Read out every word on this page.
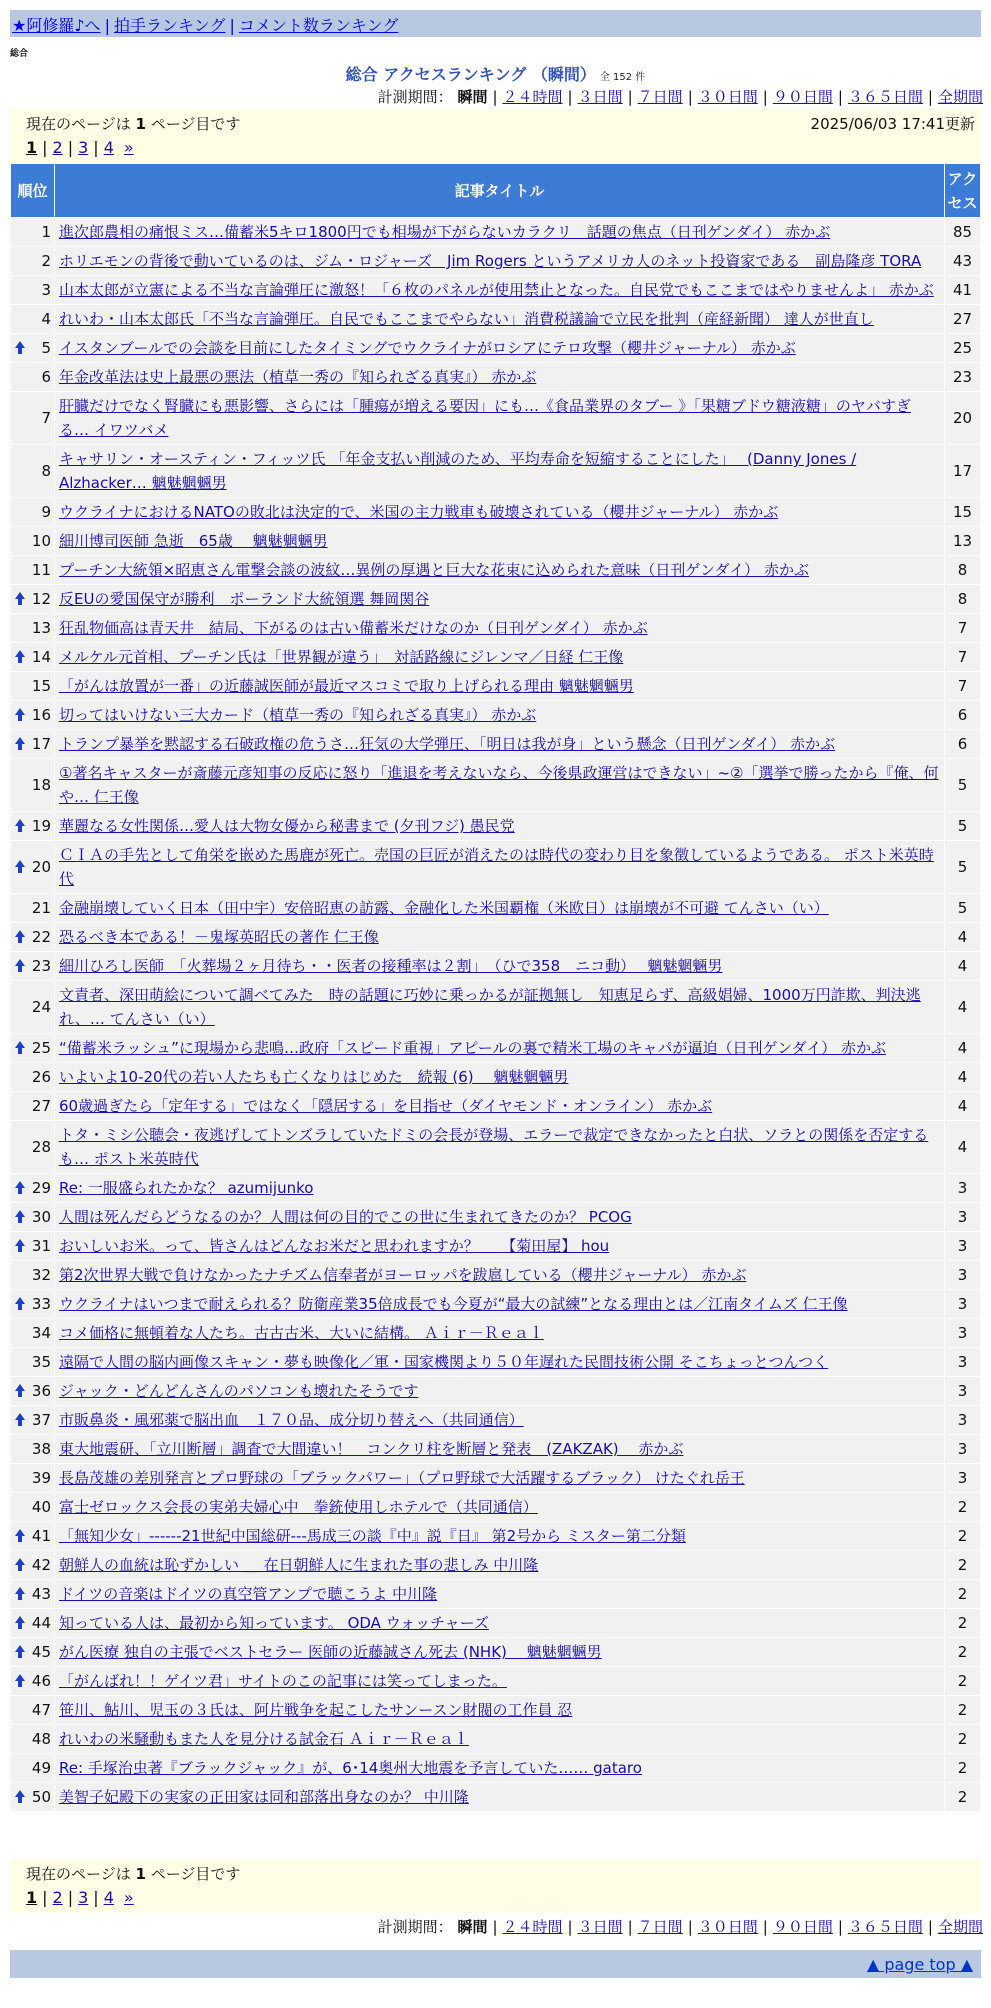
★阿修羅♪へ | 拍手ランキング | コメント数ランキング
総合
総合 アクセスランキング （瞬間） 全 152 件
計測期間： 瞬間 | ２４時間 | ３日間 | ７日間 | ３０日間 | ９０日間 | ３６５日間 | 全期間
現在のページは 1 ページ目です	2025/06/03 17:41更新
1 | 2 | 3 | 4 »
順位	記事タイトル	アクセス
1	進次郎農相の痛恨ミス…備蓄米5キロ1800円でも相場が下がらないカラクリ　話題の焦点（日刊ゲンダイ） 赤かぶ	85
2	ホリエモンの背後で動いているのは、ジム・ロジャーズ　Jim Rogers というアメリカ人のネット投資家である　副島隆彦 TORA	43
3	山本太郎が立憲による不当な言論弾圧に激怒！「６枚のパネルが使用禁止となった。自民党でもここまではやりませんよ」 赤かぶ	41
4	れいわ・山本太郎氏「不当な言論弾圧。自民でもここまでやらない」消費税議論で立民を批判（産経新聞） 達人が世直し	27

5	イスタンブールでの会談を目前にしたタイミングでウクライナがロシアにテロ攻撃（櫻井ジャーナル） 赤かぶ	25
6	年金改革法は史上最悪の悪法（植草一秀の『知られざる真実』） 赤かぶ	23
7	肝臓だけでなく腎臓にも悪影響、さらには「腫瘍が増える要因」にも…《食品業界のタブー 》「果糖ブドウ糖液糖」のヤバすぎる… イワツバメ	20
8	キャサリン・オースティン・フィッツ氏 「年金支払い削減のため、平均寿命を短縮することにした」　 (Danny Jones / Alzhacker… 魑魅魍魎男	17
9	ウクライナにおけるNATOの敗北は決定的で、米国の主力戦車も破壊されている（櫻井ジャーナル） 赤かぶ	15
10	細川博司医師 急逝　65歳　 魑魅魍魎男	13
11	プーチン大統領×昭恵さん電撃会談の波紋…異例の厚遇と巨大な花束に込められた意味（日刊ゲンダイ） 赤かぶ	8

12	反EUの愛国保守が勝利　ポーランド大統領選 舞岡関谷	8
13	狂乱物価高は青天井　結局、下がるのは古い備蓄米だけなのか（日刊ゲンダイ） 赤かぶ	7

14	メルケル元首相、プーチン氏は「世界観が違う」　対話路線にジレンマ／日経 仁王像	7
15	「がんは放置が一番」の近藤誠医師が最近マスコミで取り上げられる理由 魑魅魍魎男	7

16	切ってはいけない三大カード（植草一秀の『知られざる真実』） 赤かぶ	6

17	トランプ暴挙を黙認する石破政権の危うさ…狂気の大学弾圧、「明日は我が身」という懸念（日刊ゲンダイ） 赤かぶ	6
18	①著名キャスターが斎藤元彦知事の反応に怒り「進退を考えないなら、今後県政運営はできない」~②「選挙で勝ったから『俺、何や… 仁王像	5

19	華麗なる女性関係…愛人は大物女優から秘書まで (夕刊フジ) 愚民党	5

20	ＣＩＡの手先として角栄を嵌めた馬鹿が死亡。売国の巨匠が消えたのは時代の変わり目を象徴しているようである。 ポスト米英時代	5
21	金融崩壊していく日本（田中宇）安倍昭恵の訪露、金融化した米国覇権（米欧日）は崩壊が不可避 てんさい（い）	5

22	恐るべき本である！－鬼塚英昭氏の著作 仁王像	4

23	細川ひろし医師　「火葬場２ヶ月待ち・・医者の接種率は２割」　（ひで358　ニコ動）　 魑魅魍魎男	4
24	文責者、深田萌絵について調べてみた　時の話題に巧妙に乗っかるが証拠無し　知恵足らず、高級娼婦、1000万円詐欺、判決逃れ、… てんさい（い）	4

25	“備蓄米ラッシュ”に現場から悲鳴…政府「スピード重視」アピールの裏で精米工場のキャパが逼迫（日刊ゲンダイ） 赤かぶ	4
26	いよいよ10-20代の若い人たちも亡くなりはじめた　続報 (6)　 魑魅魍魎男	4
27	60歳過ぎたら「定年する」ではなく「隠居する」を目指せ（ダイヤモンド・オンライン） 赤かぶ	4
28	トタ・ミシ公聴会・夜逃げしてトンズラしていたドミの会長が登場、エラーで裁定できなかったと白状、ソラとの関係を否定するも… ポスト米英時代	4

29	Re: 一服盛られたかな？ azumijunko	3

30	人間は死んだらどうなるのか？人間は何の目的でこの世に生まれてきたのか？ PCOG	3

31	おいしいお米。って、皆さんはどんなお米だと思われますか？　　【菊田屋】 hou	3
32	第2次世界大戦で負けなかったナチズム信奉者がヨーロッパを跋扈している（櫻井ジャーナル） 赤かぶ	3

33	ウクライナはいつまで耐えられる？防衛産業35倍成長でも今夏が“最大の試練”となる理由とは／江南タイムズ 仁王像	3
34	コメ価格に無頓着な人たち。古古古米、大いに結構。 Ａｉｒ－Ｒｅａｌ	3
35	遠隔で人間の脳内画像スキャン・夢も映像化／軍・国家機関より５０年遅れた民間技術公開 そこちょっとつんつく	3

36	ジャック・どんどんさんのパソコンも壊れたそうです	3

37	市販鼻炎・風邪薬で脳出血　１７０品、成分切り替えへ（共同通信）	3
38	東大地震研、「立川断層」調査で大間違い！　コンクリ柱を断層と発表　(ZAKZAK)　 赤かぶ	3
39	長島茂雄の差別発言とプロ野球の「ブラックパワー」（プロ野球で大活躍するブラック） けたぐれ岳王	3
40	富士ゼロックス会長の実弟夫婦心中　拳銃使用しホテルで（共同通信）	2

41	「無知少女」------21世紀中国総研---馬成三の談『中』説『日』 第2号から ミスター第二分類	2

42	朝鮮人の血統は恥ずかしい ＿ 在日朝鮮人に生まれた事の悲しみ 中川隆	2

43	ドイツの音楽はドイツの真空管アンプで聴こうよ 中川隆	2

44	知っている人は、最初から知っています。 ODA ウォッチャーズ	2

45	がん医療 独自の主張でベストセラー 医師の近藤誠さん死去 (NHK)　 魑魅魍魎男	2

46	「がんばれ！！ゲイツ君」サイトのこの記事には笑ってしまった。	2
47	笹川、鮎川、児玉の３氏は、阿片戦争を起こしたサンースン財閥の工作員 忍	2
48	れいわの米騒動もまた人を見分ける試金石 Ａｉｒ－Ｒｅａｌ	2
49	Re: 手塚治虫著『ブラックジャック』が、6･14奥州大地震を予言していた…… gataro	2

50	美智子妃殿下の実家の正田家は同和部落出身なのか？ 中川隆	2
現在のページは 1 ページ目です
1 | 2 | 3 | 4 »
計測期間： 瞬間 | ２４時間 | ３日間 | ７日間 | ３０日間 | ９０日間 | ３６５日間 | 全期間
▲ page top ▲
